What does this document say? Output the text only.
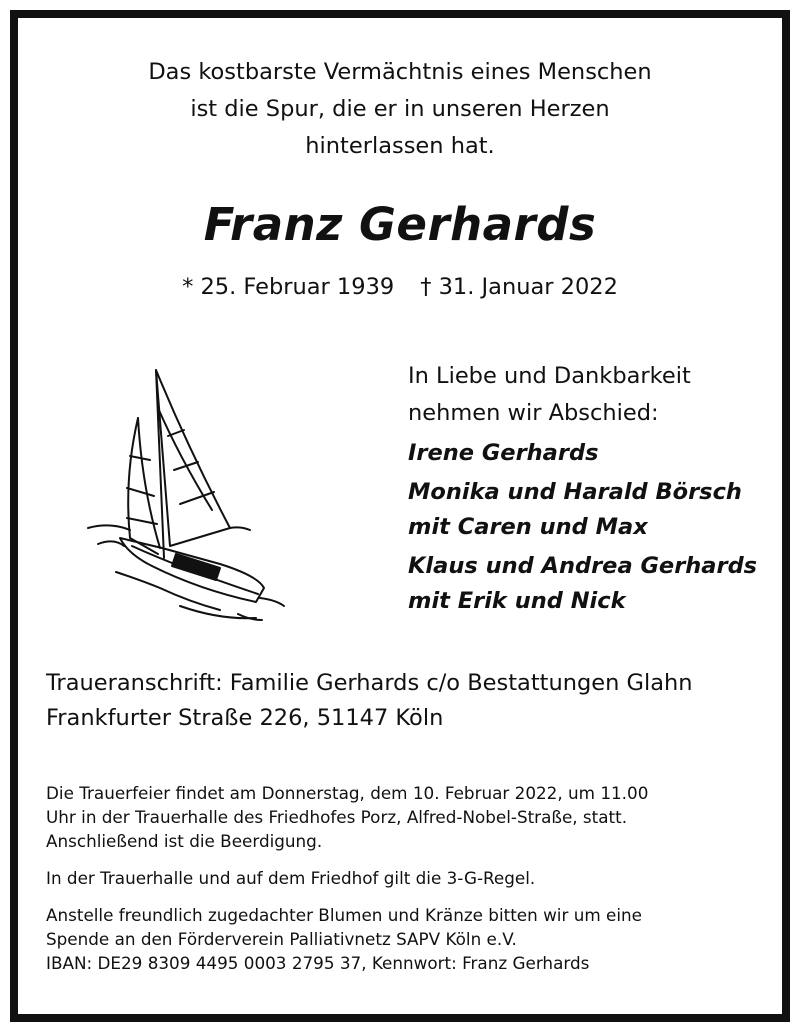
Das kostbarste Vermächtnis eines Menschen
ist die Spur, die er in unseren Herzen
hinterlassen hat.
Franz Gerhards
* 25. Februar 1939 † 31. Januar 2022
In Liebe und Dankbarkeit
nehmen wir Abschied:
Irene Gerhards
Monika und Harald Börsch
mit Caren und Max
Klaus und Andrea Gerhards
mit Erik und Nick
Traueranschrift: Familie Gerhards c/o Bestattungen Glahn
Frankfurter Straße 226, 51147 Köln

Die Trauerfeier findet am Donnerstag, dem 10. Februar 2022, um 11.00
Uhr in der Trauerhalle des Friedhofes Porz, Alfred-Nobel-Straße, statt.
Anschließend ist die Beerdigung.

In der Trauerhalle und auf dem Friedhof gilt die 3-G-Regel.

Anstelle freundlich zugedachter Blumen und Kränze bitten wir um eine
Spende an den Förderverein Palliativnetz SAPV Köln e.V.
IBAN: DE29 8309 4495 0003 2795 37, Kennwort: Franz Gerhards
